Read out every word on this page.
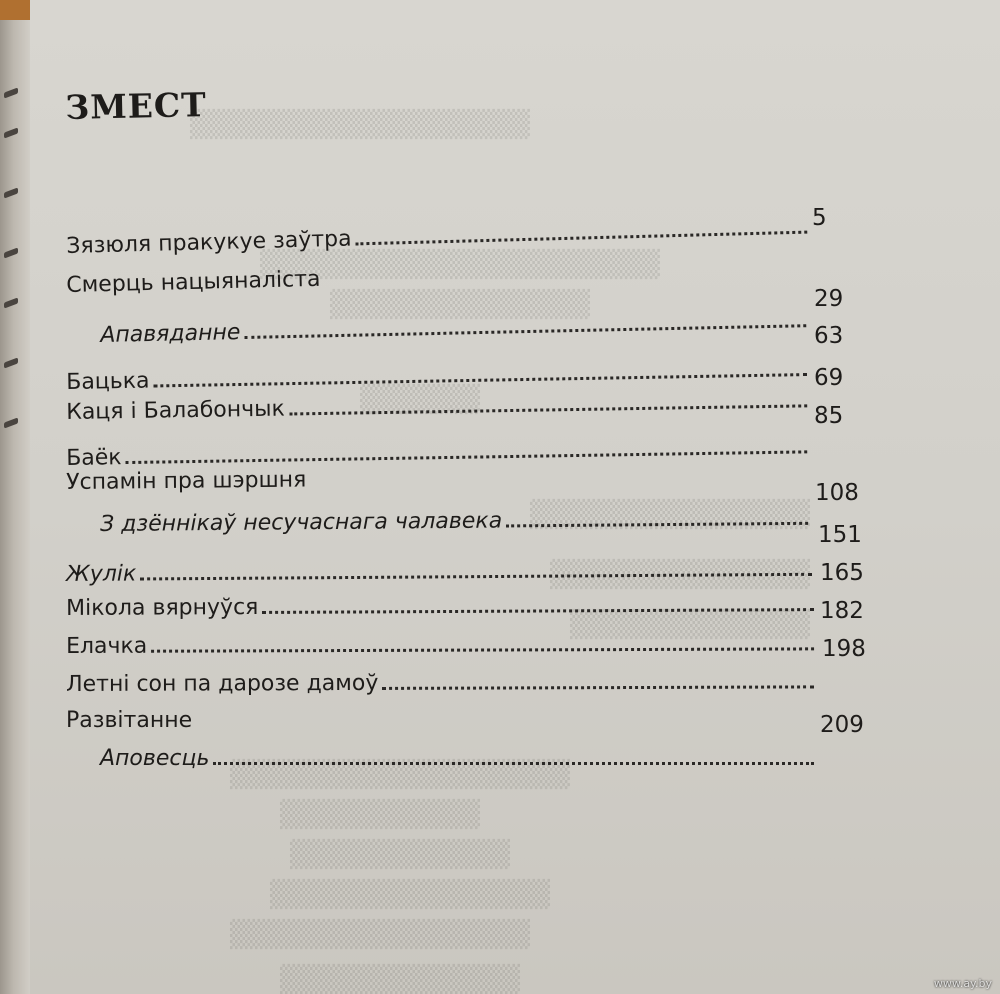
▒▒▒▒▒▒▒▒▒▒▒▒▒▒▒▒▒
▒▒▒▒▒▒▒▒▒▒▒▒▒▒▒▒▒▒▒▒
▒▒▒▒▒▒▒▒▒▒▒▒▒
▒▒▒▒▒▒
▒▒▒▒▒▒▒▒▒▒▒▒▒▒
▒▒▒▒▒▒▒▒▒▒▒▒▒
▒▒▒▒▒▒▒▒▒▒▒▒
▒▒▒▒▒▒▒▒▒▒▒▒▒▒▒▒▒
▒▒▒▒▒▒▒▒▒▒
▒▒▒▒▒▒▒▒▒▒▒
▒▒▒▒▒▒▒▒▒▒▒▒▒▒
▒▒▒▒▒▒▒▒▒▒▒▒▒▒▒
▒▒▒▒▒▒▒▒▒▒▒▒
ЗМЕСТ
Зязюля пракукуе заўтра
5
Смерць нацыяналіста
Апавяданне
29
Бацька
63
Каця і Балабончык
69
Баёк
85
Успамін пра шэршня
З дзённікаў несучаснага чалавека
108
Жулік
151
Мікола вярнуўся
165
Елачка
182
Летні сон па дарозе дамоў
198
Развітанне
Аповесць
209
www.ay.by
